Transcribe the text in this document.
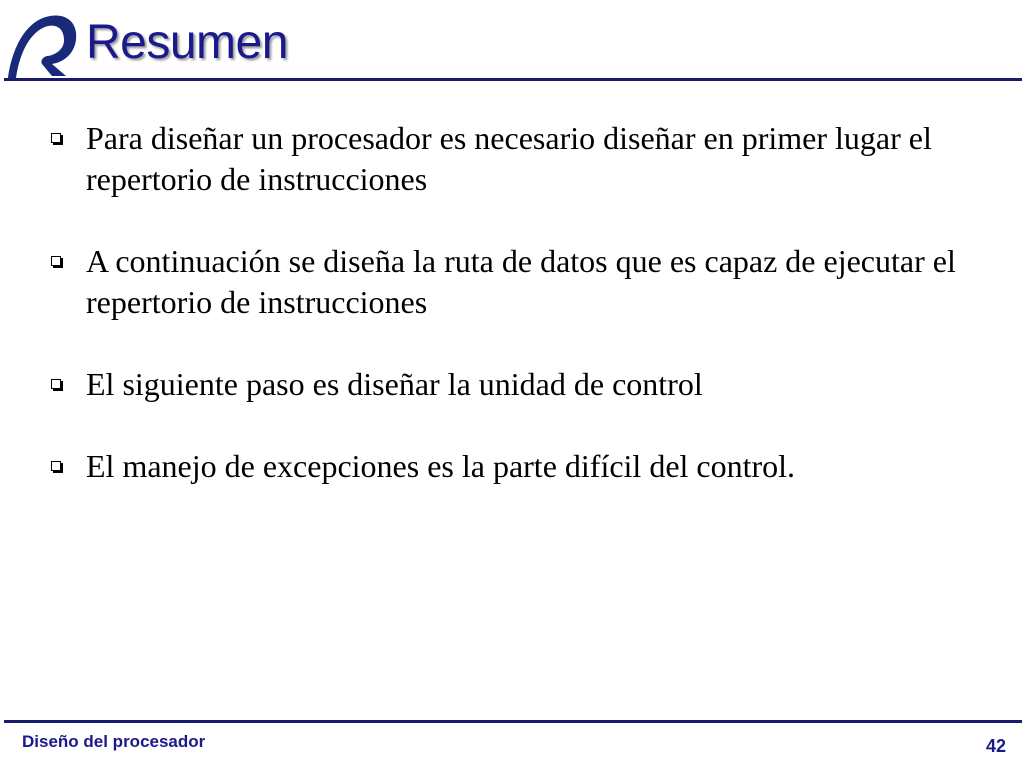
Resumen
Para diseñar un procesador es necesario diseñar en primer lugar el repertorio de instrucciones
A continuación se diseña la ruta de datos que es capaz de ejecutar el repertorio de instrucciones
El siguiente paso es diseñar la unidad de control
El manejo de excepciones es la parte difícil del control.
Diseño del procesador	42
